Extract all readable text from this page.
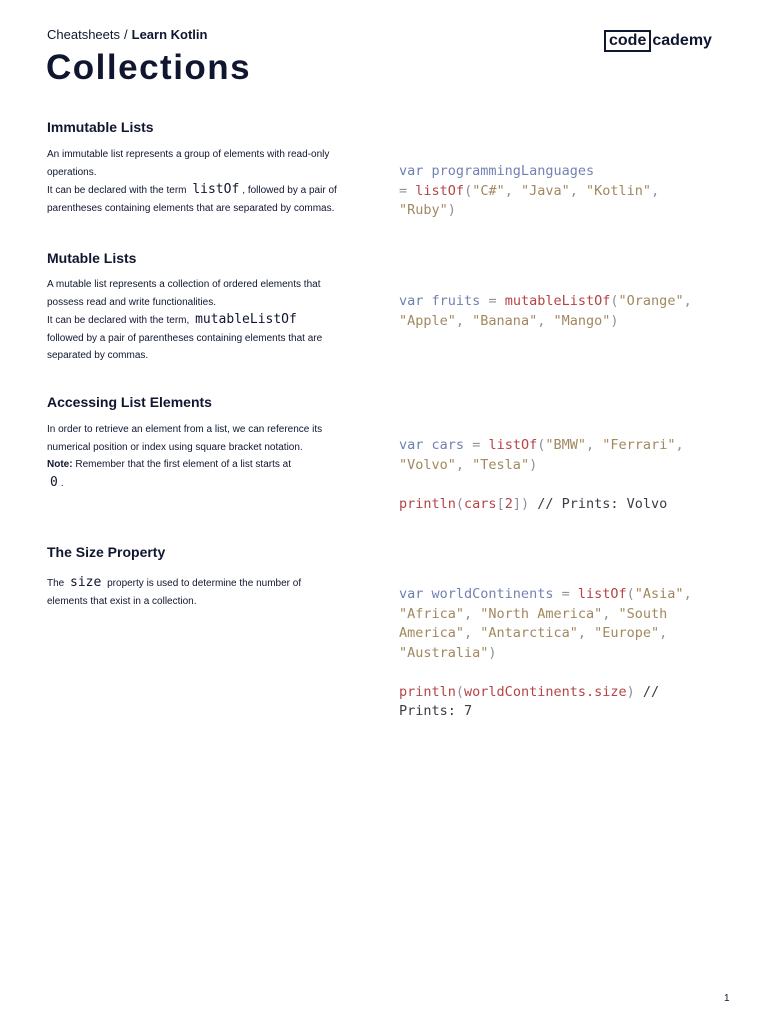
Cheatsheets / Learn Kotlin
Collections
code cademy
Immutable Lists

An immutable list represents a group of elements with read-only operations.

It can be declared with the term listOf , followed by a pair of parentheses containing elements that are separated by commas.

var programmingLanguages
= listOf("C#", "Java", "Kotlin",
"Ruby")
Mutable Lists

A mutable list represents a collection of ordered elements that possess read and write functionalities.

It can be declared with the term, mutableListOf followed by a pair of parentheses containing elements that are separated by commas.

var fruits = mutableListOf("Orange",
"Apple", "Banana", "Mango")
Accessing List Elements

In order to retrieve an element from a list, we can reference its numerical position or index using square bracket notation.

Note: Remember that the first element of a list starts at
0 .

var cars = listOf("BMW", "Ferrari",
"Volvo", "Tesla")

println(cars[2]) // Prints: Volvo
The Size Property

The size property is used to determine the number of elements that exist in a collection.	var worldContinents = listOf("Asia",
"Africa", "North America", "South America", "Antarctica", "Europe",
"Australia")

println(worldContinents.size) //
Prints: 7
1
